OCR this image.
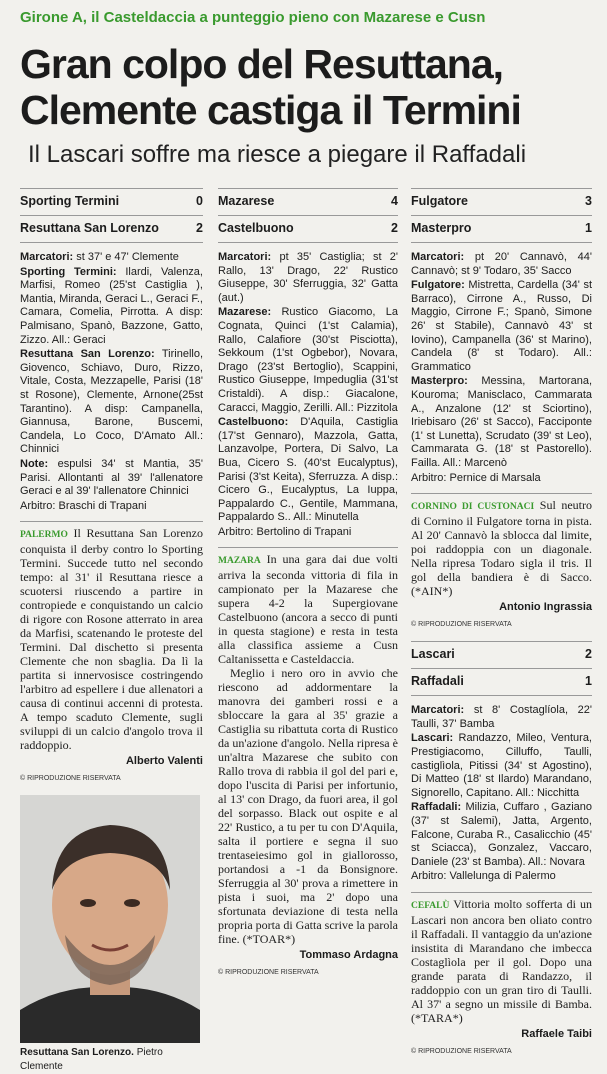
Girone A, il Casteldaccia a punteggio pieno con Mazarese e Cusn
Gran colpo del Resuttana,
Clemente castiga il Termini
Il Lascari soffre ma riesce a piegare il Raffadali
Sporting Termini	0
Resuttana San Lorenzo	2

Marcatori: st 37' e 47' Clemente

Sporting Termini: Ilardi, Valenza, Marfisi, Romeo (25'st Castiglia ), Mantia, Miranda, Geraci L., Geraci F., Camara, Comelia, Pirrotta. A disp: Palmisano, Spanò, Bazzone, Gatto, Zizzo. All.: Geraci

Resuttana San Lorenzo: Tirinello, Giovenco, Schiavo, Duro, Rizzo, Vitale, Costa, Mezzapelle, Parisi (18' st Rosone), Clemente, Arnone(25st Tarantino). A disp: Campanella, Giannusa, Barone, Buscemi, Candela, Lo Coco, D'Amato All.: Chinnici

Note: espulsi 34' st Mantia, 35' Parisi. Allontanti al 39' l'allenatore Geraci e al 39' l'allenatore Chinnici

Arbitro: Braschi di Trapani

PALERMO Il Resuttana San Lorenzo conquista il derby contro lo Sporting Termini. Succede tutto nel secondo tempo: al 31' il Resuttana riesce a scuotersi riuscendo a partire in contropiede e conquistando un calcio di rigore con Rosone atterrato in area da Marfisi, scatenando le proteste del Termini. Dal dischetto si presenta Clemente che non sbaglia. Da lì la partita si innervosisce costringendo l'arbitro ad espellere i due allenatori a causa di continui accenni di protesta. A tempo scaduto Clemente, sugli sviluppi di un calcio d'angolo trova il raddoppio.

Alberto Valenti
© RIPRODUZIONE RISERVATA
Resuttana San Lorenzo. Pietro Clemente
Mazarese	4
Castelbuono	2

Marcatori: pt 35' Castiglia; st 2' Rallo, 13' Drago, 22' Rustico Giuseppe, 30' Sferruggia, 32' Gatta (aut.)

Mazarese: Rustico Giacomo, La Cognata, Quinci (1'st Calamia), Rallo, Calafiore (30'st Pisciotta), Sekkoum (1'st Ogbebor), Novara, Drago (23'st Bertoglio), Scappini, Rustico Giuseppe, Impeduglia (31'st Cristaldi). A disp.: Giacalone, Caracci, Maggio, Zerilli. All.: Pizzitola

Castelbuono: D'Aquila, Castiglia (17'st Gennaro), Mazzola, Gatta, Lanzavolpe, Portera, Di Salvo, La Bua, Cicero S. (40'st Eucalyptus), Parisi (3'st Keita), Sferruzza. A disp.: Cicero G., Eucalyptus, La Iuppa, Pappalardo C., Gentile, Mammana, Pappalardo S.. All.: Minutella

Arbitro: Bertolino di Trapani

MAZARA In una gara dai due volti arriva la seconda vittoria di fila in campionato per la Mazarese che supera 4-2 la Supergiovane Castelbuono (ancora a secco di punti in questa stagione) e resta in testa alla classifica assieme a Cusn Caltanissetta e Casteldaccia.

Meglio i nero oro in avvio che riescono ad addormentare la manovra dei gamberi rossi e a sbloccare la gara al 35' grazie a Castiglia su ribattuta corta di Rustico da un'azione d'angolo. Nella ripresa è un'altra Mazarese che subito con Rallo trova di rabbia il gol del pari e, dopo l'uscita di Parisi per infortunio, al 13' con Drago, da fuori area, il gol del sorpasso. Black out ospite e al 22' Rustico, a tu per tu con D'Aquila, salta il portiere e segna il suo trentaseiesimo gol in giallorosso, portandosi a -1 da Bonsignore. Sferruggia al 30' prova a rimettere in pista i suoi, ma 2' dopo una sfortunata deviazione di testa nella propria porta di Gatta scrive la parola fine. (*TOAR*)

Tommaso Ardagna
© RIPRODUZIONE RISERVATA
Fulgatore	3
Masterpro	1

Marcatori: pt 20' Cannavò, 44' Cannavò; st 9' Todaro, 35' Sacco

Fulgatore: Mistretta, Cardella (34' st Barraco), Cirrone A., Russo, Di Maggio, Cirrone F.; Spanò, Simone 26' st Stabile), Cannavò 43' st Iovino), Campanella (36' st Marino), Candela (8' st Todaro). All.: Grammatico

Masterpro: Messina, Martorana, Kouroma; Manisclaco, Cammarata A., Anzalone (12' st Sciortino), Iriebisaro (26' st Sacco), Facciponte (1' st Lunetta), Scrudato (39' st Leo), Cammarata G. (18' st Pastorello). Failla. All.: Marcenò

Arbitro: Pernice di Marsala

CORNINO DI CUSTONACI Sul neutro di Cornino il Fulgatore torna in pista. Al 20' Cannavò la sblocca dal limite, poi raddoppia con un diagonale. Nella ripresa Todaro sigla il tris. Il gol della bandiera è di Sacco. (*AIN*)

Antonio Ingrassia
© RIPRODUZIONE RISERVATA
Lascari	2
Raffadali	1

Marcatori: st 8' Costaglíola, 22' Taulli, 37' Bamba

Lascari: Randazzo, Mileo, Ventura, Prestigiacomo, Cilluffo, Taulli, castiglìola, Pitissi (34' st Agostino), Di Matteo (18' st Ilardo) Marandano, Signorello, Capitano. All.: Nicchitta

Raffadali: Milizia, Cuffaro , Gaziano (37' st Salemi), Jatta, Argento, Falcone, Curaba R., Casalicchio (45' st Sciacca), Gonzalez, Vaccaro, Daniele (23' st Bamba). All.: Novara

Arbitro: Vallelunga di Palermo

CEFALÙ Vittoria molto sofferta di un Lascari non ancora ben oliato contro il Raffadali. Il vantaggio da un'azione insistita di Marandano che imbecca Costaglìola per il gol. Dopo una grande parata di Randazzo, il raddoppio con un gran tiro di Taulli. Al 37' a segno un missile di Bamba. (*TARA*)

Raffaele Taibi
© RIPRODUZIONE RISERVATA
